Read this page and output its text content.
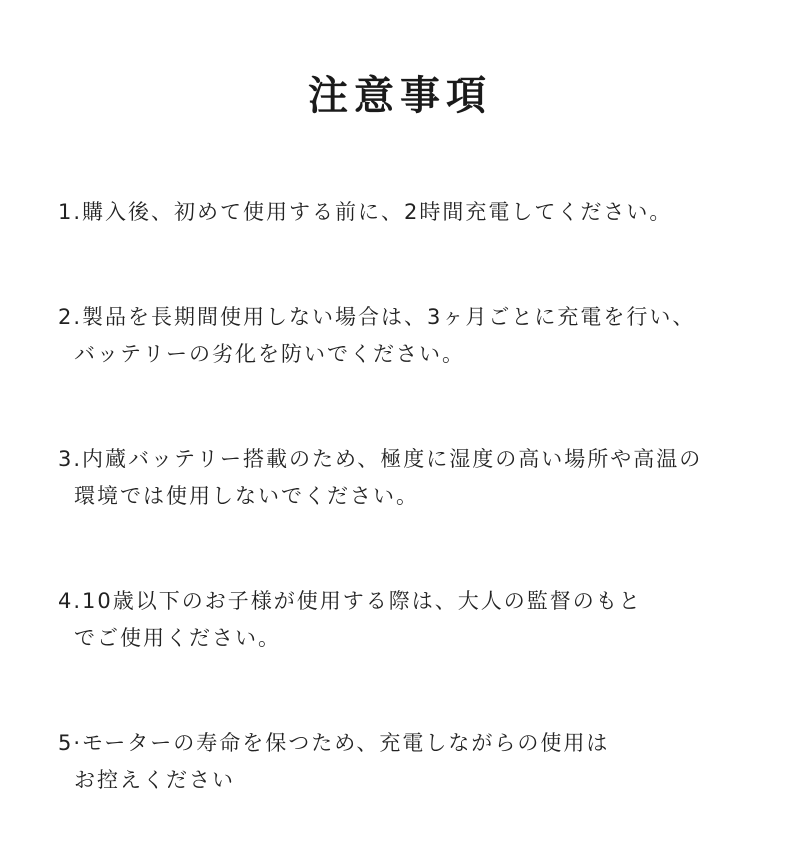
注意事項
1.購入後、初めて使用する前に、2時間充電してください。
2.製品を長期間使用しない場合は、3ヶ月ごとに充電を行い、
バッテリーの劣化を防いでください。
3.内蔵バッテリー搭載のため、極度に湿度の高い場所や高温の
環境では使用しないでください。
4.10歳以下のお子様が使用する際は、大人の監督のもと
でご使用ください。
5·モーターの寿命を保つため、充電しながらの使用は
お控えください
